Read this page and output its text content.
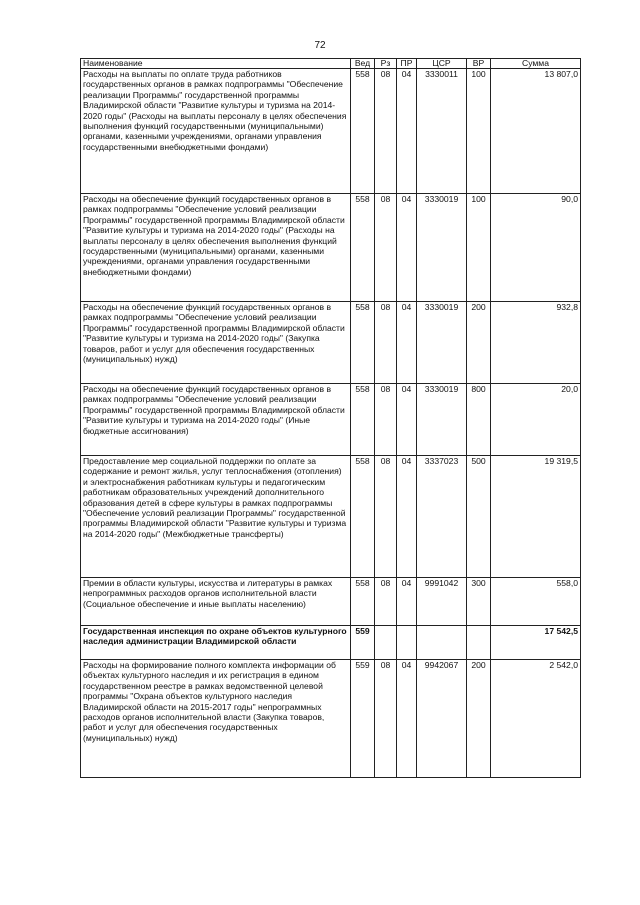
72
Наименование	Вед	Рз	ПР	ЦСР	ВР	Сумма
Расходы на выплаты по оплате труда работников государственных органов в рамках подпрограммы "Обеспечение реализации Программы" государственной программы Владимирской области "Развитие культуры и туризма на 2014-2020 годы" (Расходы на выплаты персоналу в целях обеспечения выполнения функций государственными (муниципальными) органами, казенными учреждениями, органами управления государственными внебюджетными фондами)	558	08	04	3330011	100	13 807,0
Расходы на обеспечение функций государственных органов в рамках подпрограммы "Обеспечение условий реализации Программы" государственной программы Владимирской области "Развитие культуры и туризма на 2014-2020 годы" (Расходы на выплаты персоналу в целях обеспечения выполнения функций государственными (муниципальными) органами, казенными учреждениями, органами управления государственными внебюджетными фондами)	558	08	04	3330019	100	90,0
Расходы на обеспечение функций государственных органов в рамках подпрограммы "Обеспечение условий реализации Программы" государственной программы Владимирской области "Развитие культуры и туризма на 2014-2020 годы" (Закупка товаров, работ и услуг для обеспечения государственных (муниципальных) нужд)	558	08	04	3330019	200	932,8
Расходы на обеспечение функций государственных органов в рамках подпрограммы "Обеспечение условий реализации Программы" государственной программы Владимирской области "Развитие культуры и туризма на 2014-2020 годы" (Иные бюджетные ассигнования)	558	08	04	3330019	800	20,0
Предоставление мер социальной поддержки по оплате за содержание и ремонт жилья, услуг теплоснабжения (отопления) и электроснабжения работникам культуры и педагогическим работникам образовательных учреждений дополнительного образования детей в сфере культуры в рамках подпрограммы "Обеспечение условий реализации Программы" государственной программы Владимирской области "Развитие культуры и туризма на 2014-2020 годы" (Межбюджетные трансферты)	558	08	04	3337023	500	19 319,5
Премии в области культуры, искусства и литературы в рамках непрограммных расходов органов исполнительной власти (Социальное обеспечение и иные выплаты населению)	558	08	04	9991042	300	558,0
Государственная инспекция по охране объектов культурного наследия администрации Владимирской области	559					17 542,5
Расходы на формирование полного комплекта информации об объектах культурного наследия и их регистрация в едином государственном реестре в рамках ведомственной целевой программы "Охрана объектов культурного наследия Владимирской области на 2015-2017 годы" непрограммных расходов органов исполнительной власти (Закупка товаров, работ и услуг для обеспечения государственных (муниципальных) нужд)	559	08	04	9942067	200	2 542,0
